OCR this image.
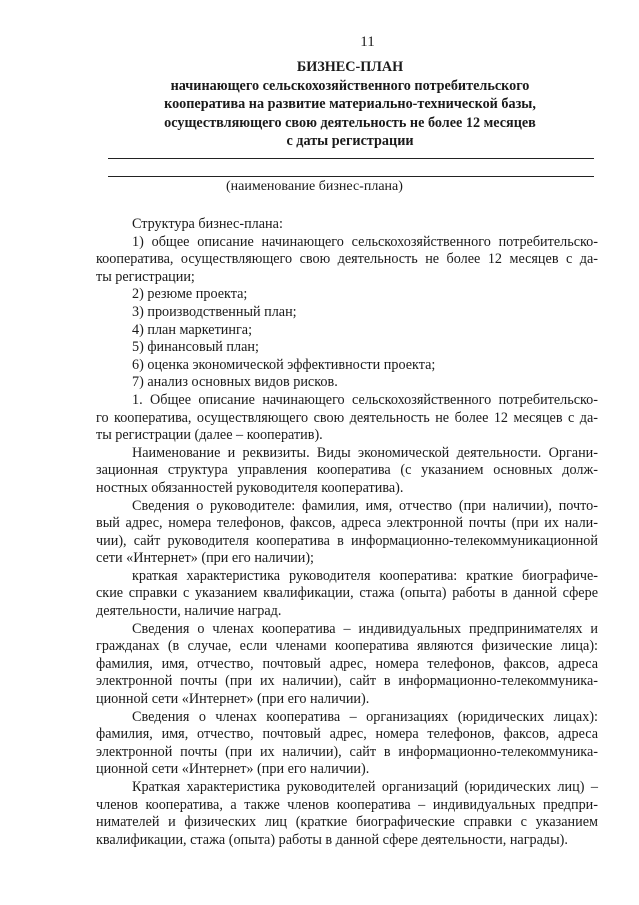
11
БИЗНЕС-ПЛАН
начинающего сельскохозяйственного потребительского
кооператива на развитие материально-технической базы,
осуществляющего свою деятельность не более 12 месяцев
с даты регистрации
(наименование бизнес-плана)
Структура бизнес-плана:
1) общее описание начинающего сельскохозяйственного потребительско-
кооператива, осуществляющего свою деятельность не более 12 месяцев с да-
ты регистрации;
2) резюме проекта;
3) производственный план;
4) план маркетинга;
5) финансовый план;
6) оценка экономической эффективности проекта;
7) анализ основных видов рисков.
1. Общее описание начинающего сельскохозяйственного потребительско-
го кооператива, осуществляющего свою деятельность не более 12 месяцев с да-
ты регистрации (далее – кооператив).
Наименование и реквизиты. Виды экономической деятельности. Органи-
зационная структура управления кооператива (с указанием основных долж-
ностных обязанностей руководителя кооператива).
Сведения о руководителе: фамилия, имя, отчество (при наличии), почто-
вый адрес, номера телефонов, факсов, адреса электронной почты (при их нали-
чии), сайт руководителя кооператива в информационно-телекоммуникационной
сети «Интернет» (при его наличии);
краткая характеристика руководителя кооператива: краткие биографиче-
ские справки с указанием квалификации, стажа (опыта) работы в данной сфере
деятельности, наличие наград.
Сведения о членах кооператива – индивидуальных предпринимателях и
гражданах (в случае, если членами кооператива являются физические лица):
фамилия, имя, отчество, почтовый адрес, номера телефонов, факсов, адреса
электронной почты (при их наличии), сайт в информационно-телекоммуника-
ционной сети «Интернет» (при его наличии).
Сведения о членах кооператива – организациях (юридических лицах):
фамилия, имя, отчество, почтовый адрес, номера телефонов, факсов, адреса
электронной почты (при их наличии), сайт в информационно-телекоммуника-
ционной сети «Интернет» (при его наличии).
Краткая характеристика руководителей организаций (юридических лиц) –
членов кооператива, а также членов кооператива – индивидуальных предпри-
нимателей и физических лиц (краткие биографические справки с указанием
квалификации, стажа (опыта) работы в данной сфере деятельности, награды).
